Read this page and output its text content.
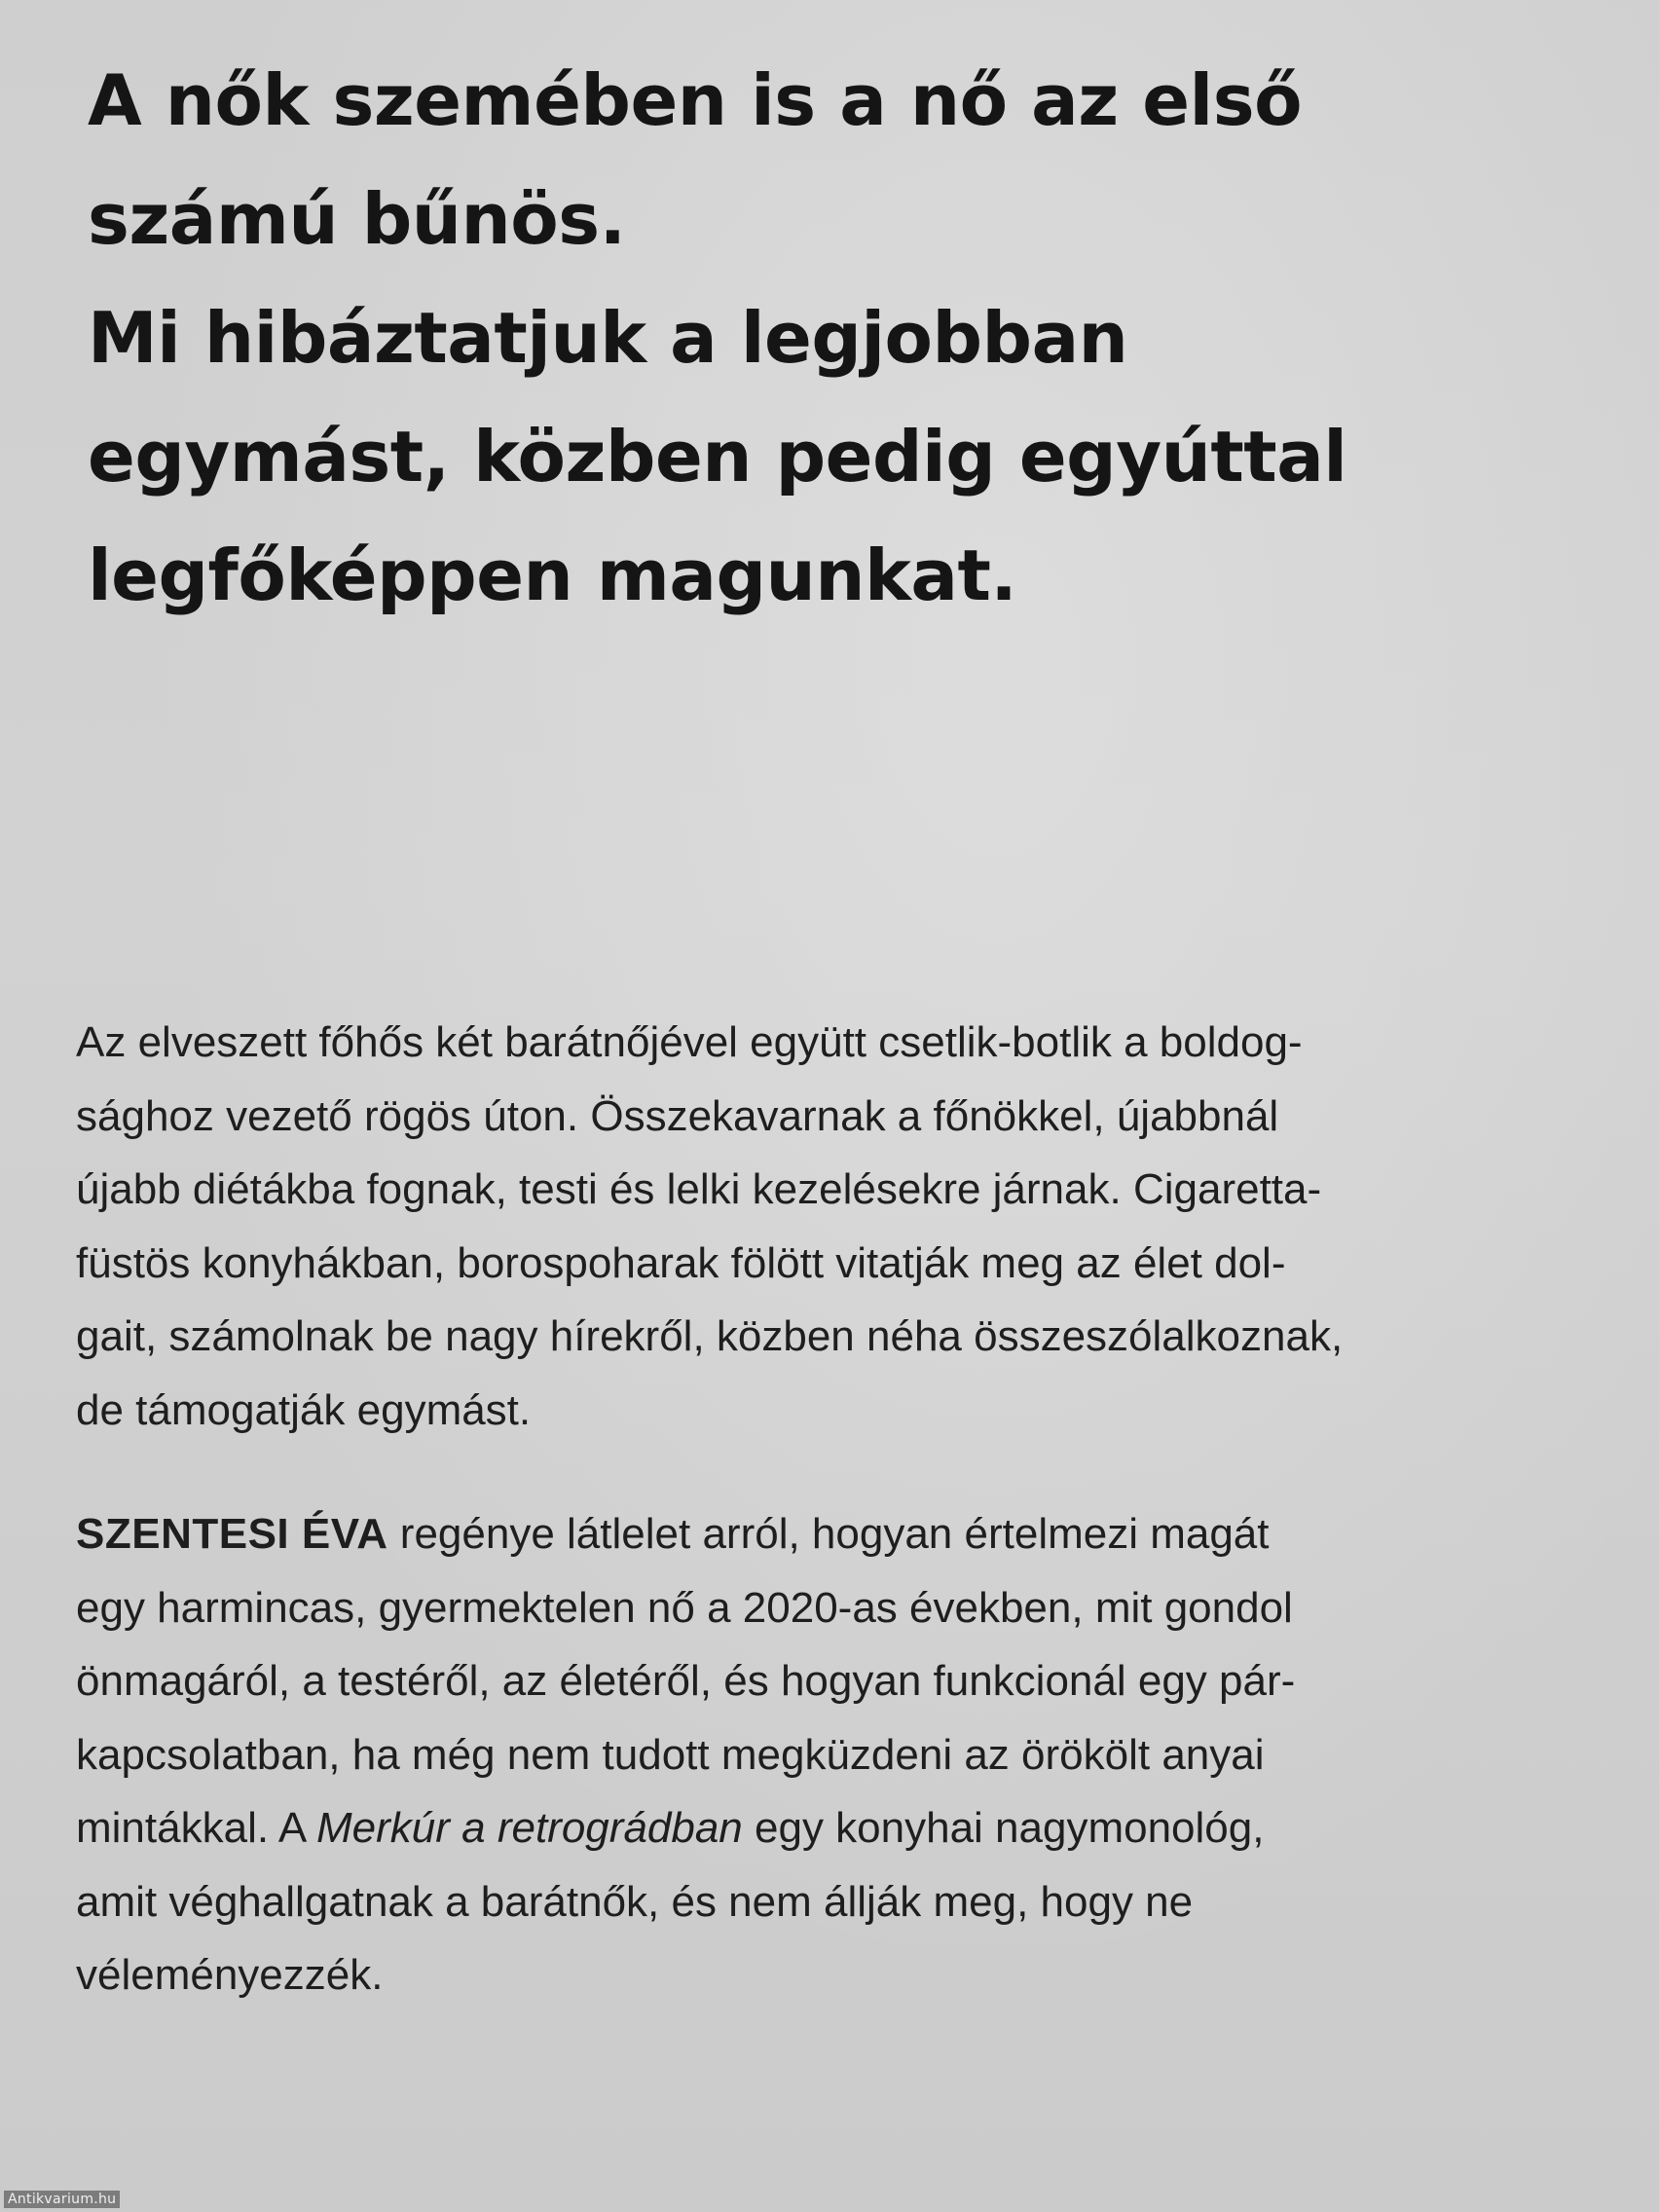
A nők szemében is a nő az első
számú bűnös.
Mi hibáztatjuk a legjobban
egymást, közben pedig egyúttal
legfőképpen magunkat.

Az elveszett főhős két barátnőjével együtt csetlik-botlik a boldog-
sághoz vezető rögös úton. Összekavarnak a főnökkel, újabbnál
újabb diétákba fognak, testi és lelki kezelésekre járnak. Cigaretta-
füstös konyhákban, borospoharak fölött vitatják meg az élet dol-
gait, számolnak be nagy hírekről, közben néha összeszólalkoznak,
de támogatják egymást.

SZENTESI ÉVA regénye látlelet arról, hogyan értelmezi magát
egy harmincas, gyermektelen nő a 2020-as években, mit gondol
önmagáról, a testéről, az életéről, és hogyan funkcionál egy pár-
kapcsolatban, ha még nem tudott megküzdeni az örökölt anyai
mintákkal. A Merkúr a retrográdban egy konyhai nagymonológ,
amit véghallgatnak a barátnők, és nem állják meg, hogy ne
véleményezzék.

Antikvarium.hu
